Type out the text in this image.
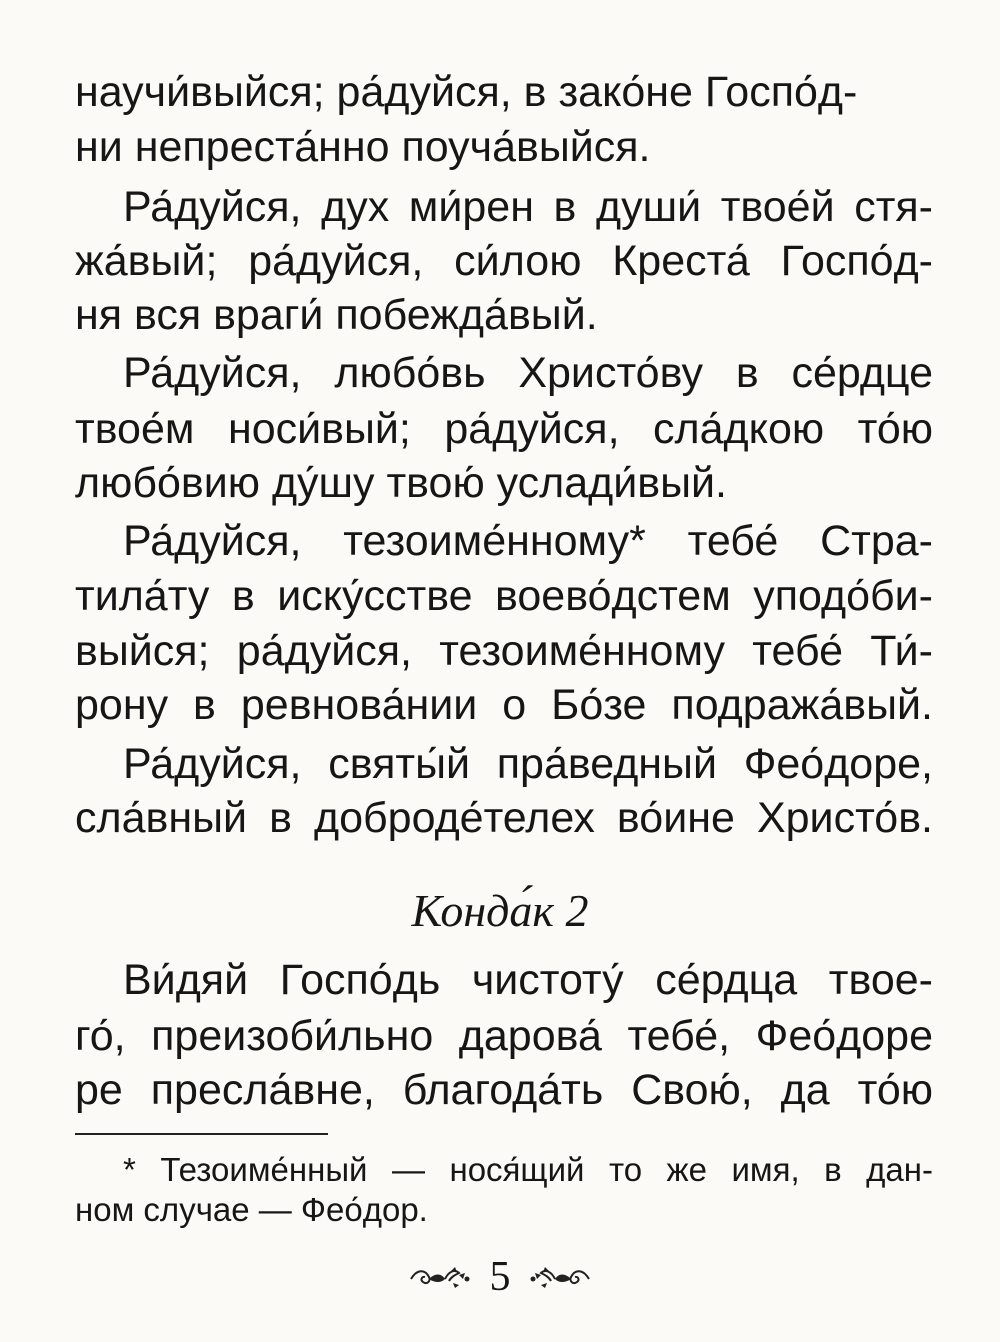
научи́выйся; ра́дуйся, в зако́не Госпо́д-
ни непреста́нно поуча́выйся.
Ра́дуйся, дух ми́рен в души́ твое́й стя-
жа́вый; ра́дуйся, си́лою Креста́ Госпо́д-
ня вся враги́ побежда́вый.
Ра́дуйся, любо́вь Христо́ву в се́рдце
твое́м носи́вый; ра́дуйся, сла́дкою то́ю
любо́вию ду́шу твою́ услади́вый.
Ра́дуйся, тезоиме́нному* тебе́ Стра-
тила́ту в иску́сстве воево́дстем уподо́би-
выйся; ра́дуйся, тезоиме́нному тебе́ Ти́-
рону в ревнова́нии о Бо́зе подража́вый.
Ра́дуйся, святы́й пра́ведный Фео́доре,
сла́вный в доброде́телех во́ине Христо́в.
Конда́к 2
Ви́дяй Госпо́дь чистоту́ се́рдца твое-
го́, преизоби́льно дарова́ тебе́, Фео́доре
ре пресла́вне, благода́ть Свою́, да то́ю
* Тезоиме́нный — нося́щий то же имя, в дан-
ном случае — Фео́дор.
5
